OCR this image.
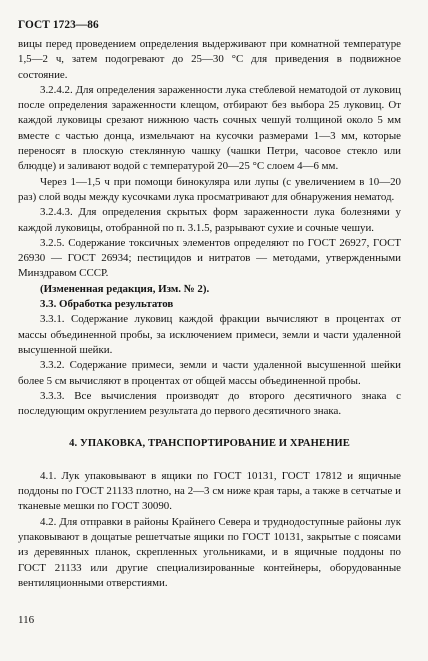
ГОСТ 1723—86

вицы перед проведением определения выдерживают при комнатной температуре 1,5—2 ч, затем подогревают до 25—30 °С для приведения в подвижное состояние.

3.2.4.2. Для определения зараженности лука стеблевой нематодой от луковиц после определения зараженности клещом, отбирают без выбора 25 луковиц. От каждой луковицы срезают нижнюю часть сочных чешуй толщиной около 5 мм вместе с частью донца, измельчают на кусочки размерами 1—3 мм, которые переносят в плоскую стеклянную чашку (чашки Петри, часовое стекло или блюдце) и заливают водой с температурой 20—25 °С слоем 4—6 мм.

Через 1—1,5 ч при помощи бинокуляра или лупы (с увеличением в 10—20 раз) слой воды между кусочками лука просматривают для обнаружения нематод.

3.2.4.3. Для определения скрытых форм зараженности лука болезнями у каждой луковицы, отобранной по п. 3.1.5, разрывают сухие и сочные чешуи.

3.2.5. Содержание токсичных элементов определяют по ГОСТ 26927, ГОСТ 26930 — ГОСТ 26934; пестицидов и нитратов — методами, утвержденными Минздравом СССР.

(Измененная редакция, Изм. № 2).

3.3. Обработка результатов

3.3.1. Содержание луковиц каждой фракции вычисляют в процентах от массы объединенной пробы, за исключением примеси, земли и части удаленной высушенной шейки.

3.3.2. Содержание примеси, земли и части удаленной высушенной шейки более 5 см вычисляют в процентах от общей массы объединенной пробы.

3.3.3. Все вычисления производят до второго десятичного знака с последующим округлением результата до первого десятичного знака.

4. УПАКОВКА, ТРАНСПОРТИРОВАНИЕ И ХРАНЕНИЕ

4.1. Лук упаковывают в ящики по ГОСТ 10131, ГОСТ 17812 и ящичные поддоны по ГОСТ 21133 плотно, на 2—3 см ниже края тары, а также в сетчатые и тканевые мешки по ГОСТ 30090.

4.2. Для отправки в районы Крайнего Севера и труднодоступные районы лук упаковывают в дощатые решетчатые ящики по ГОСТ 10131, закрытые с поясами из деревянных планок, скрепленных угольниками, и в ящичные поддоны по ГОСТ 21133 или другие специализированные контейнеры, оборудованные вентиляционными отверстиями.

116
